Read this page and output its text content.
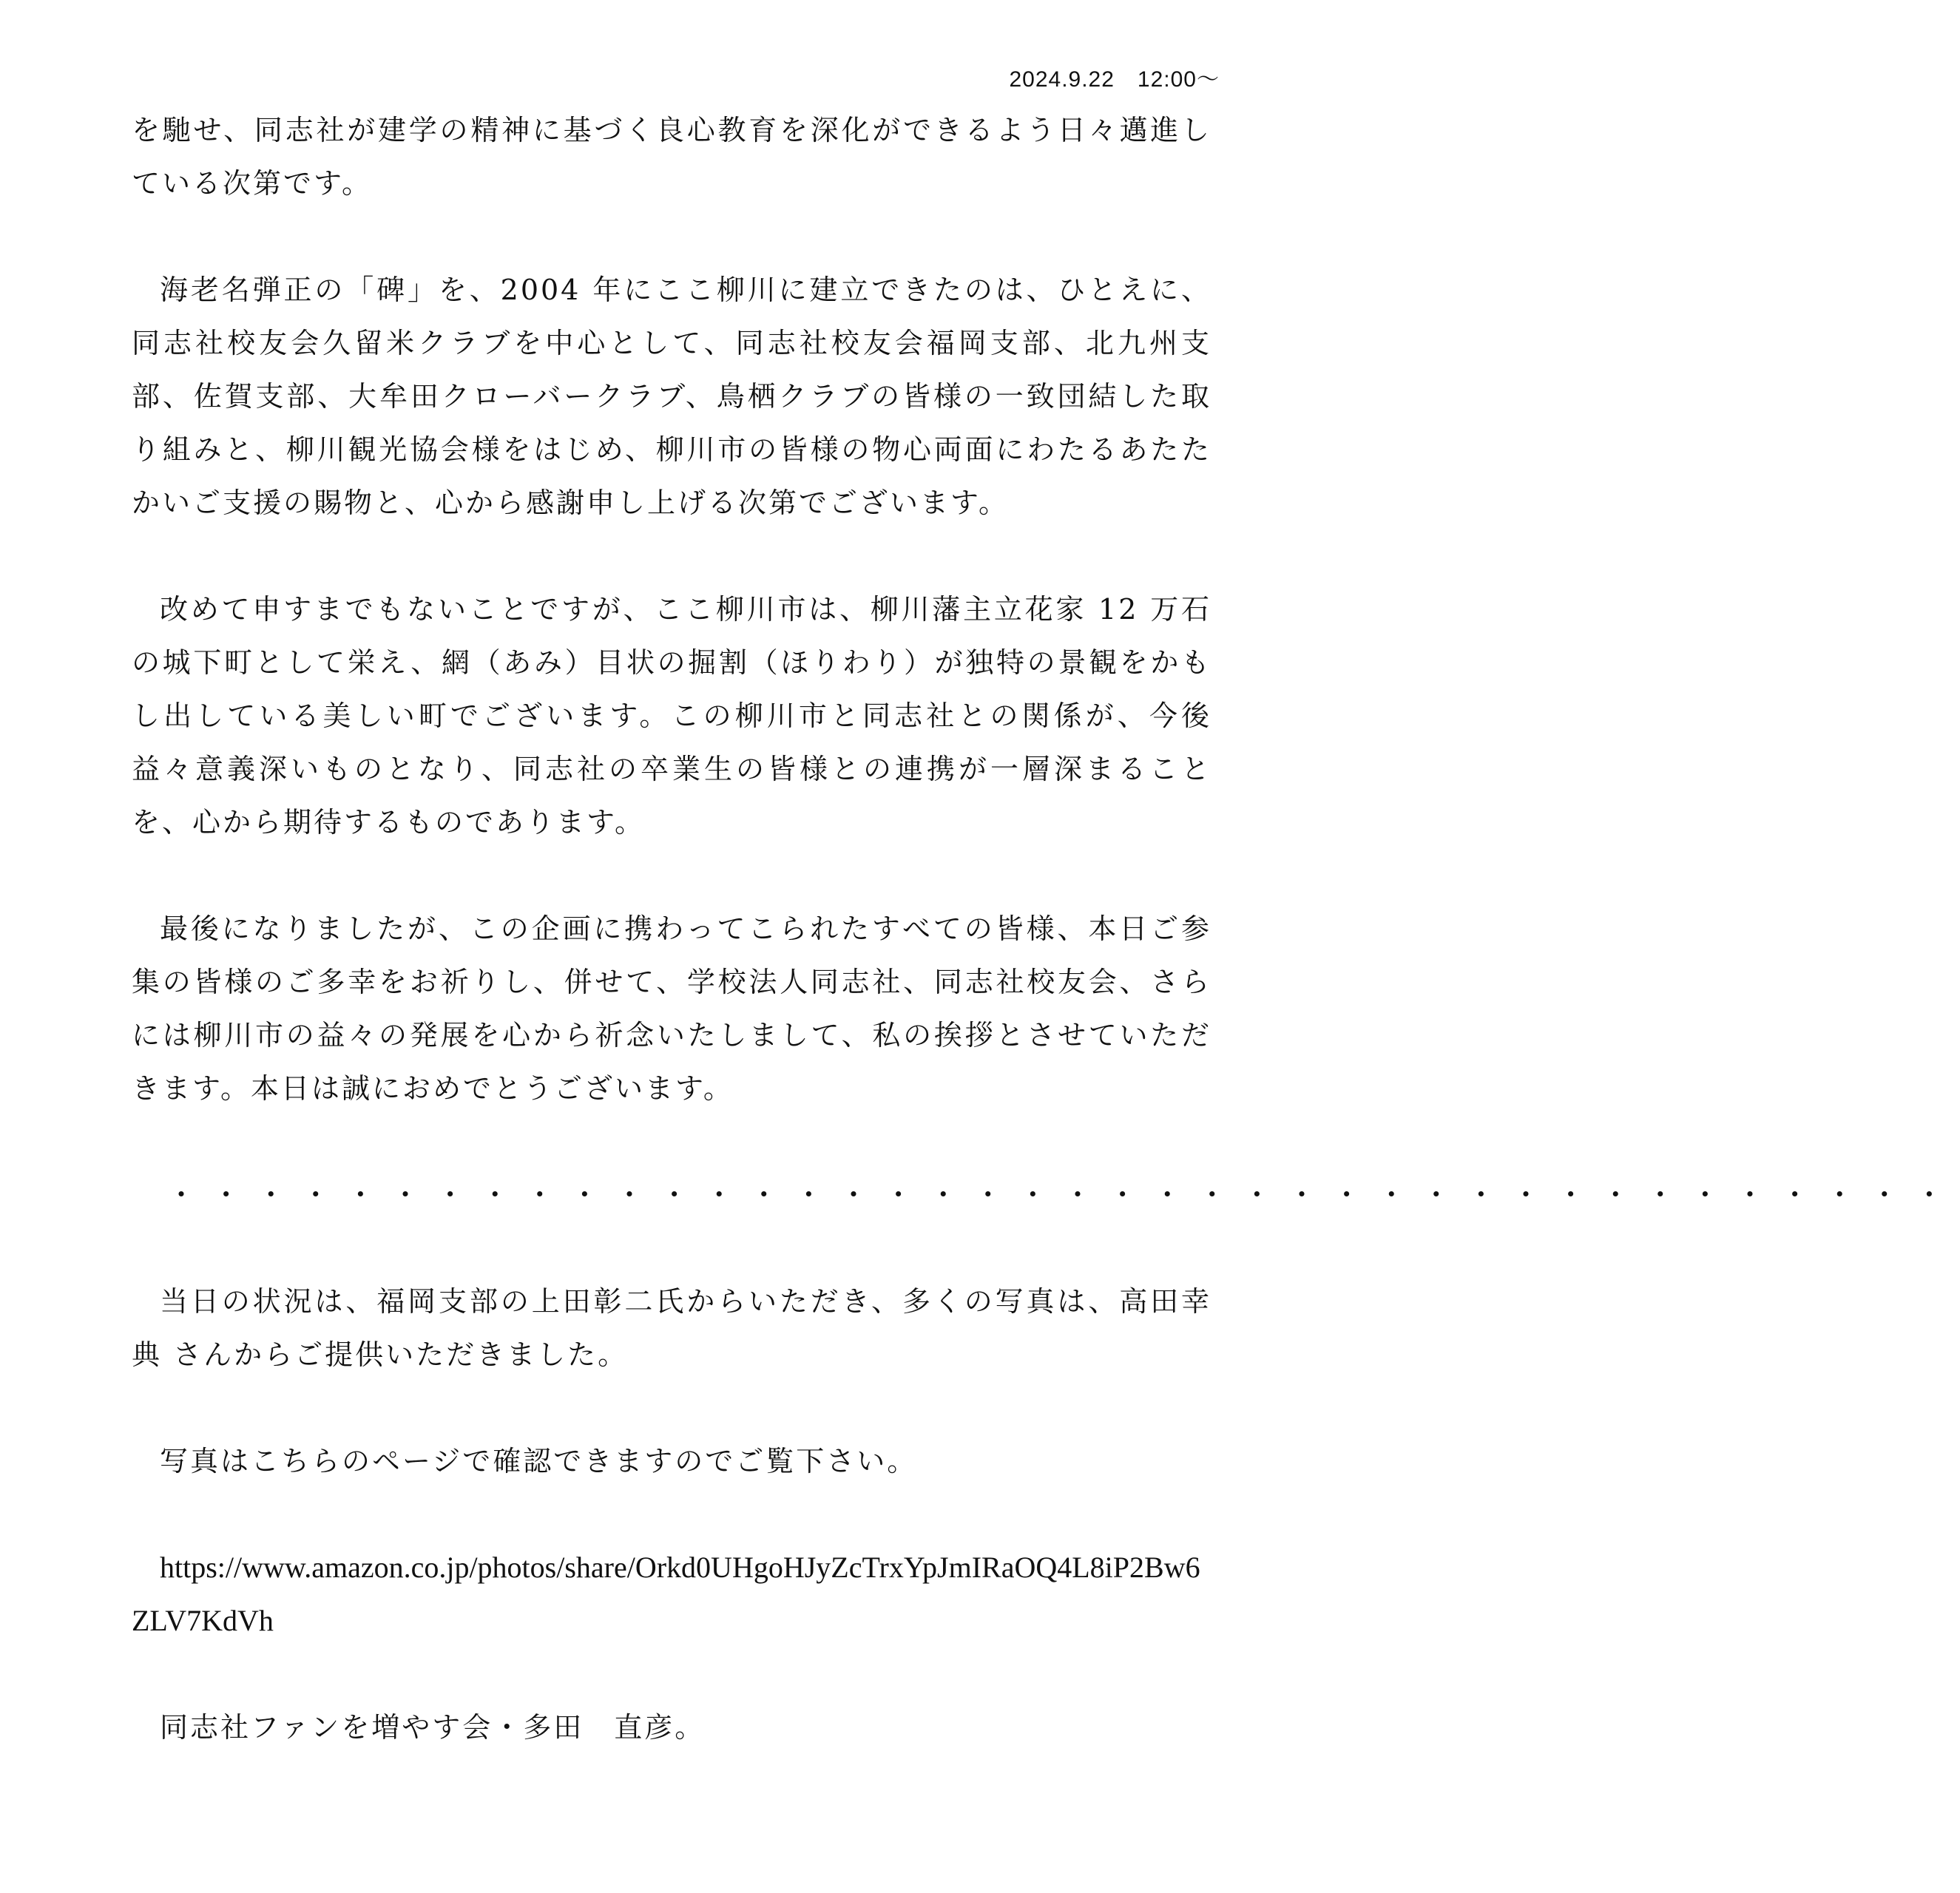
2024.9.22　12:00～

を馳せ、同志社が建学の精神に基づく良心教育を深化ができるよう日々邁進している次第です。

海老名弾正の「碑」を、2004 年にここ柳川に建立できたのは、ひとえに、同志社校友会久留米クラブを中心として、同志社校友会福岡支部、北九州支部、佐賀支部、大牟田クローバークラブ、鳥栖クラブの皆様の一致団結した取り組みと、柳川観光協会様をはじめ、柳川市の皆様の物心両面にわたるあたたかいご支援の賜物と、心から感謝申し上げる次第でございます。

改めて申すまでもないことですが、ここ柳川市は、柳川藩主立花家 12 万石の城下町として栄え、網（あみ）目状の掘割（ほりわり）が独特の景観をかもし出している美しい町でございます。この柳川市と同志社との関係が、今後益々意義深いものとなり、同志社の卒業生の皆様との連携が一層深まることを、心から期待するものであります。

最後になりましたが、この企画に携わってこられたすべての皆様、本日ご参集の皆様のご多幸をお祈りし、併せて、学校法人同志社、同志社校友会、さらには柳川市の益々の発展を心から祈念いたしまして、私の挨拶とさせていただきます。本日は誠におめでとうございます。

・・・・・・・・・・・・・・・・・・・・・・・・・・・・・・・・・・・・・・・・

当日の状況は、福岡支部の上田彰二氏からいただき、多くの写真は、高田幸典 さんからご提供いただきました。

写真はこちらのページで確認できますのでご覧下さい。

https://www.amazon.co.jp/photos/share/Orkd0UHgoHJyZcTrxYpJmIRaOQ4L8iP2Bw6ZLV7KdVh

同志社ファンを増やす会・多田　直彦。
